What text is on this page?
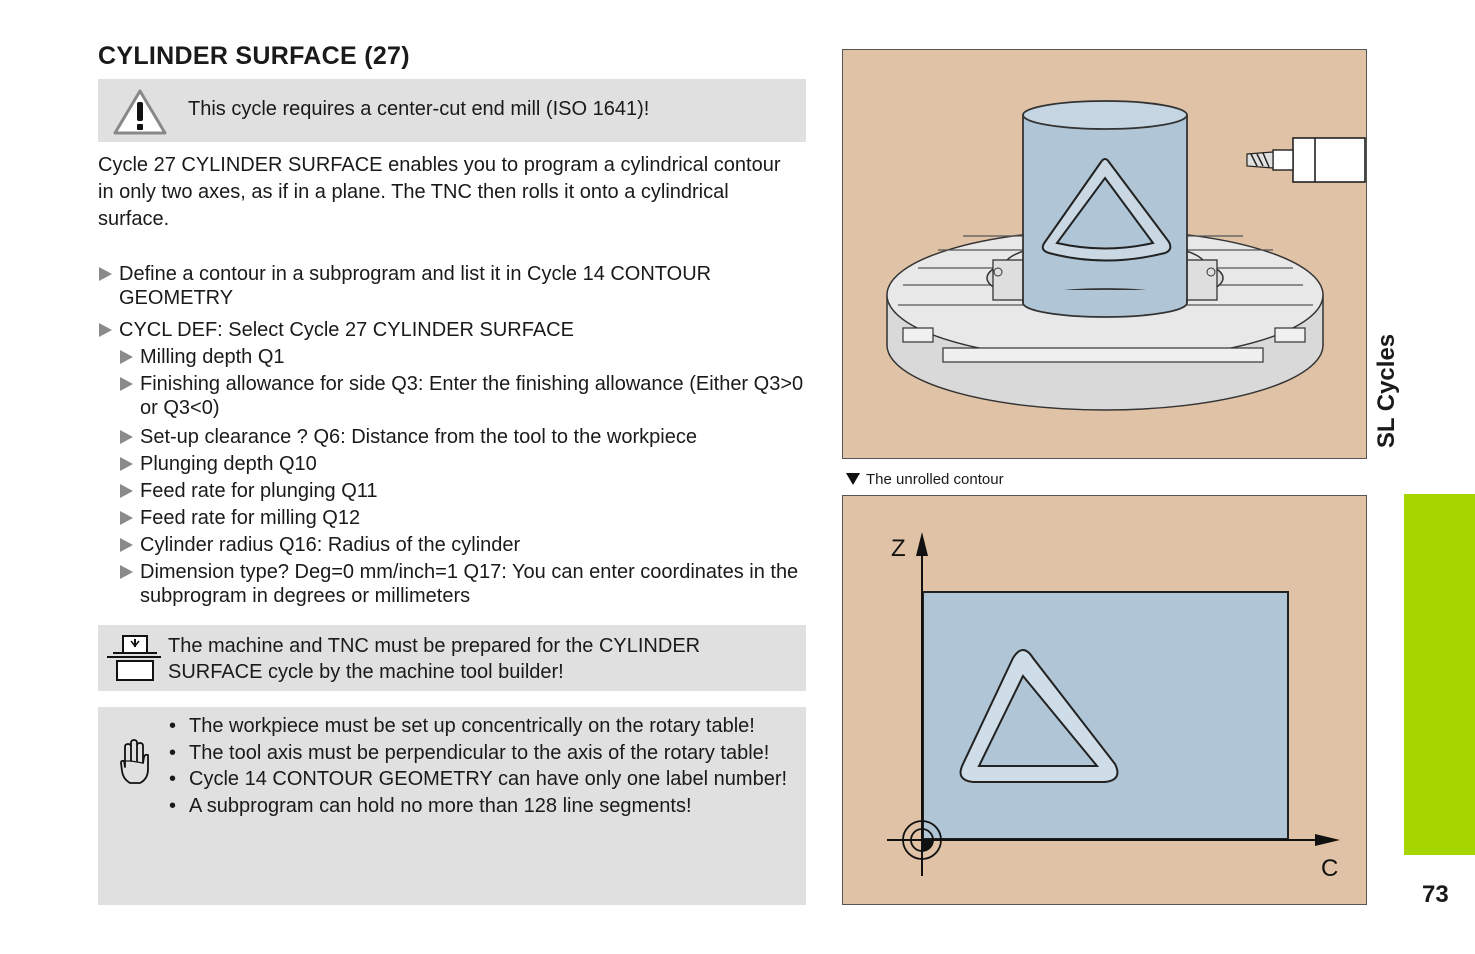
CYLINDER SURFACE (27)
This cycle requires a center-cut end mill (ISO 1641)!

Cycle 27 CYLINDER SURFACE enables you to program a cylindrical contour in only two axes, as if in a plane. The TNC then rolls it onto a cylindrical surface.

Define a contour in a subprogram and list it in Cycle 14 CONTOUR GEOMETRY
CYCL DEF: Select Cycle 27 CYLINDER SURFACE
Milling depth Q1
Finishing allowance for side Q3: Enter the finishing allowance (Either Q3>0 or Q3<0)
Set-up clearance ? Q6: Distance from the tool to the workpiece
Plunging depth Q10
Feed rate for plunging Q11
Feed rate for milling Q12
Cylinder radius Q16: Radius of the cylinder
Dimension type? Deg=0 mm/inch=1 Q17: You can enter coordinates in the subprogram in degrees or millimeters
The machine and TNC must be prepared for the CYLINDER SURFACE cycle by the machine tool builder!
• The workpiece must be set up concentrically on the rotary table!
• The tool axis must be perpendicular to the axis of the rotary table!
• Cycle 14 CONTOUR GEOMETRY can have only one label number!
• A subprogram can hold no more than 128 line segments!
The unrolled contour
Z
C
SL Cycles
73
